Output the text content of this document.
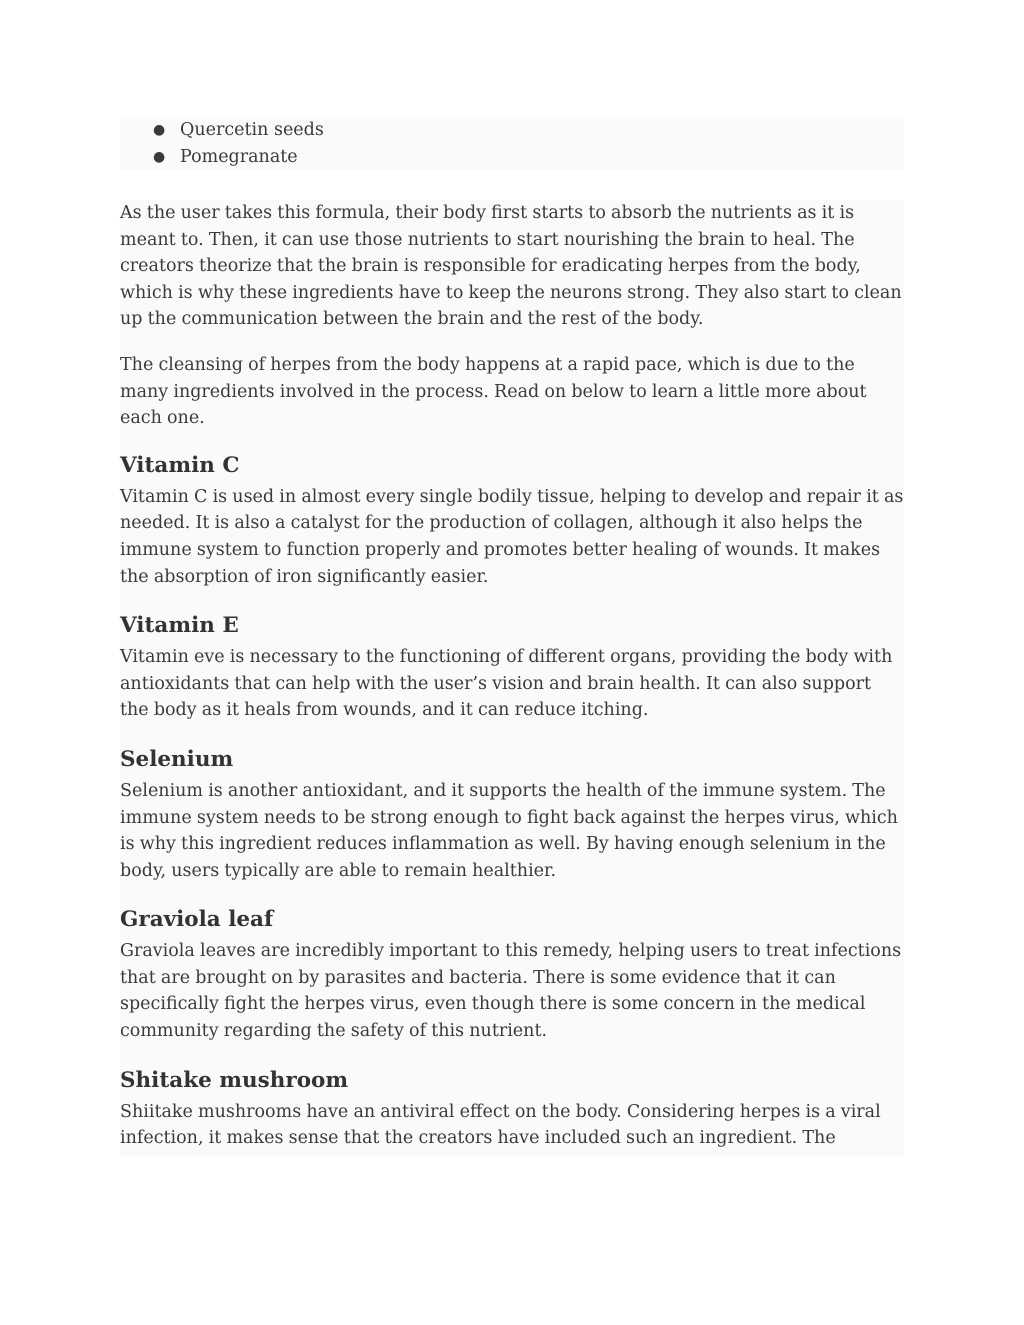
● Quercetin seeds
● Pomegranate

As the user takes this formula, their body first starts to absorb the nutrients as it is meant to. Then, it can use those nutrients to start nourishing the brain to heal. The creators theorize that the brain is responsible for eradicating herpes from the body, which is why these ingredients have to keep the neurons strong. They also start to clean up the communication between the brain and the rest of the body.

The cleansing of herpes from the body happens at a rapid pace, which is due to the many ingredients involved in the process. Read on below to learn a little more about each one.

Vitamin C

Vitamin C is used in almost every single bodily tissue, helping to develop and repair it as needed. It is also a catalyst for the production of collagen, although it also helps the immune system to function properly and promotes better healing of wounds. It makes the absorption of iron significantly easier.

Vitamin E

Vitamin eve is necessary to the functioning of different organs, providing the body with antioxidants that can help with the user’s vision and brain health. It can also support the body as it heals from wounds, and it can reduce itching.

Selenium

Selenium is another antioxidant, and it supports the health of the immune system. The immune system needs to be strong enough to fight back against the herpes virus, which is why this ingredient reduces inflammation as well. By having enough selenium in the body, users typically are able to remain healthier.

Graviola leaf

Graviola leaves are incredibly important to this remedy, helping users to treat infections that are brought on by parasites and bacteria. There is some evidence that it can specifically fight the herpes virus, even though there is some concern in the medical community regarding the safety of this nutrient.

Shitake mushroom

Shiitake mushrooms have an antiviral effect on the body. Considering herpes is a viral infection, it makes sense that the creators have included such an ingredient. The
